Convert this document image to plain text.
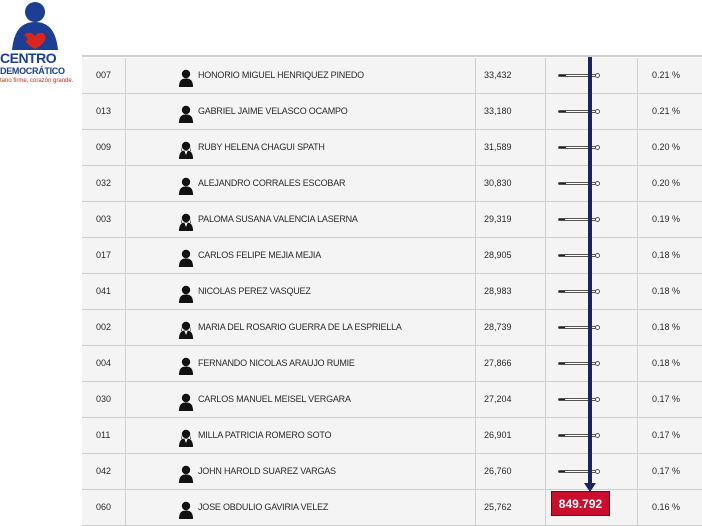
CENTRO
DEMOCRÁTICO
tano firme, corazón grande.
007	HONORIO MIGUEL HENRIQUEZ PINEDO	33,432	0.21 %
013	GABRIEL JAIME VELASCO OCAMPO	33,180	0.21 %
009	RUBY HELENA CHAGUI SPATH	31,589	0.20 %
032	ALEJANDRO CORRALES ESCOBAR	30,830	0.20 %
003	PALOMA SUSANA VALENCIA LASERNA	29,319	0.19 %
017	CARLOS FELIPE MEJIA MEJIA	28,905	0.18 %
041	NICOLAS PEREZ VASQUEZ	28,983	0.18 %
002	MARIA DEL ROSARIO GUERRA DE LA ESPRIELLA	28,739	0.18 %
004	FERNANDO NICOLAS ARAUJO RUMIE	27,866	0.18 %
030	CARLOS MANUEL MEISEL VERGARA	27,204	0.17 %
011	MILLA PATRICIA ROMERO SOTO	26,901	0.17 %
042	JOHN HAROLD SUAREZ VARGAS	26,760	0.17 %
060	JOSE OBDULIO GAVIRIA VELEZ	25,762	0.16 %
849.792
